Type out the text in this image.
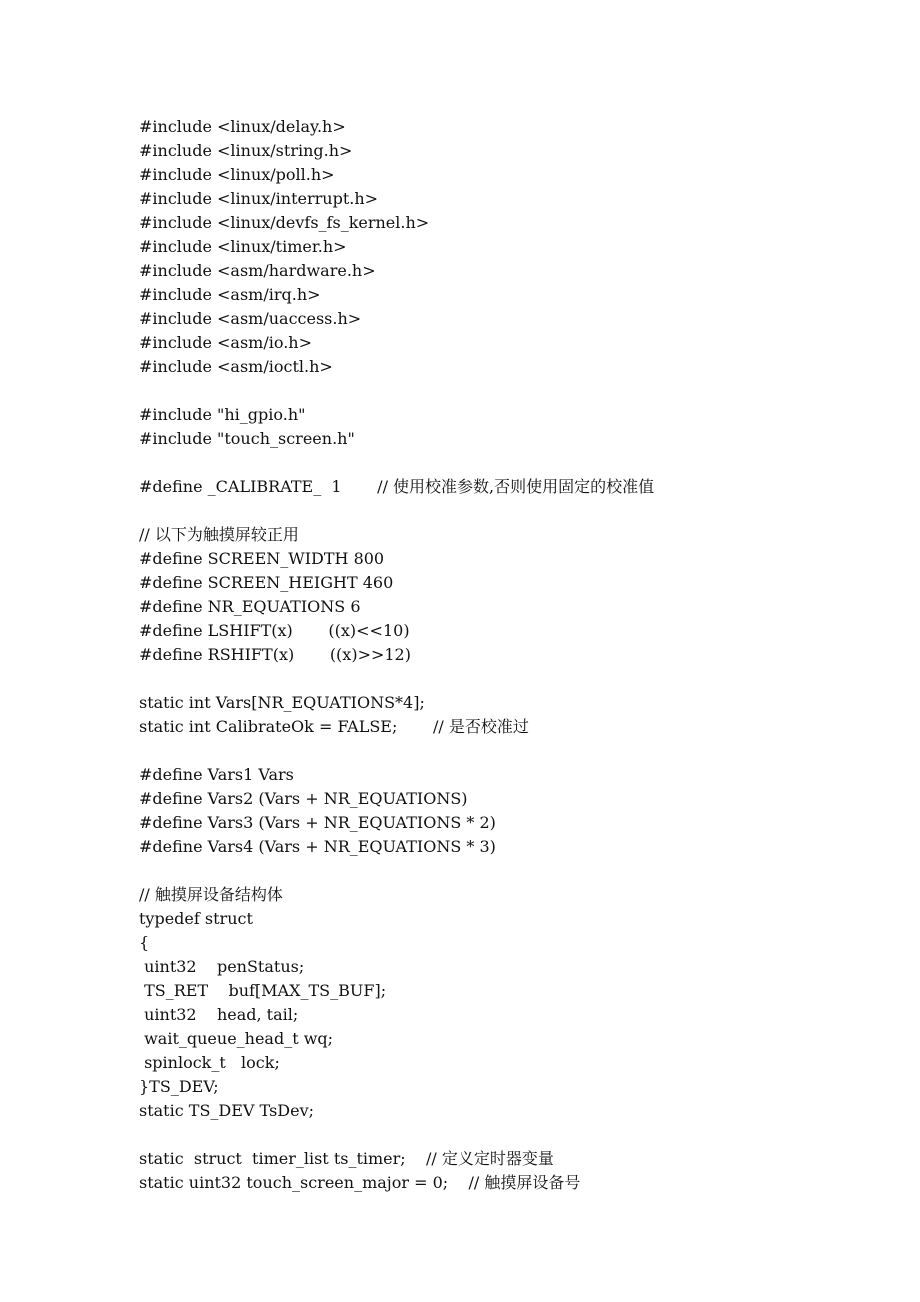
#include <linux/delay.h>
#include <linux/string.h>
#include <linux/poll.h>
#include <linux/interrupt.h>
#include <linux/devfs_fs_kernel.h>
#include <linux/timer.h>
#include <asm/hardware.h>
#include <asm/irq.h>
#include <asm/uaccess.h>
#include <asm/io.h>
#include <asm/ioctl.h>
#include "hi_gpio.h"
#include "touch_screen.h"
#define _CALIBRATE_  1       // 使用校准参数,否则使用固定的校准值
// 以下为触摸屏较正用
#define SCREEN_WIDTH 800
#define SCREEN_HEIGHT 460
#define NR_EQUATIONS 6
#define LSHIFT(x)       ((x)<<10)
#define RSHIFT(x)       ((x)>>12)
static int Vars[NR_EQUATIONS*4];
static int CalibrateOk = FALSE;       // 是否校准过
#define Vars1 Vars
#define Vars2 (Vars + NR_EQUATIONS)
#define Vars3 (Vars + NR_EQUATIONS * 2)
#define Vars4 (Vars + NR_EQUATIONS * 3)
// 触摸屏设备结构体
typedef struct
{
uint32    penStatus;
TS_RET    buf[MAX_TS_BUF];
uint32    head, tail;
wait_queue_head_t wq;
spinlock_t   lock;
}TS_DEV;
static TS_DEV TsDev;
static  struct  timer_list ts_timer;    // 定义定时器变量
static uint32 touch_screen_major = 0;    // 触摸屏设备号
